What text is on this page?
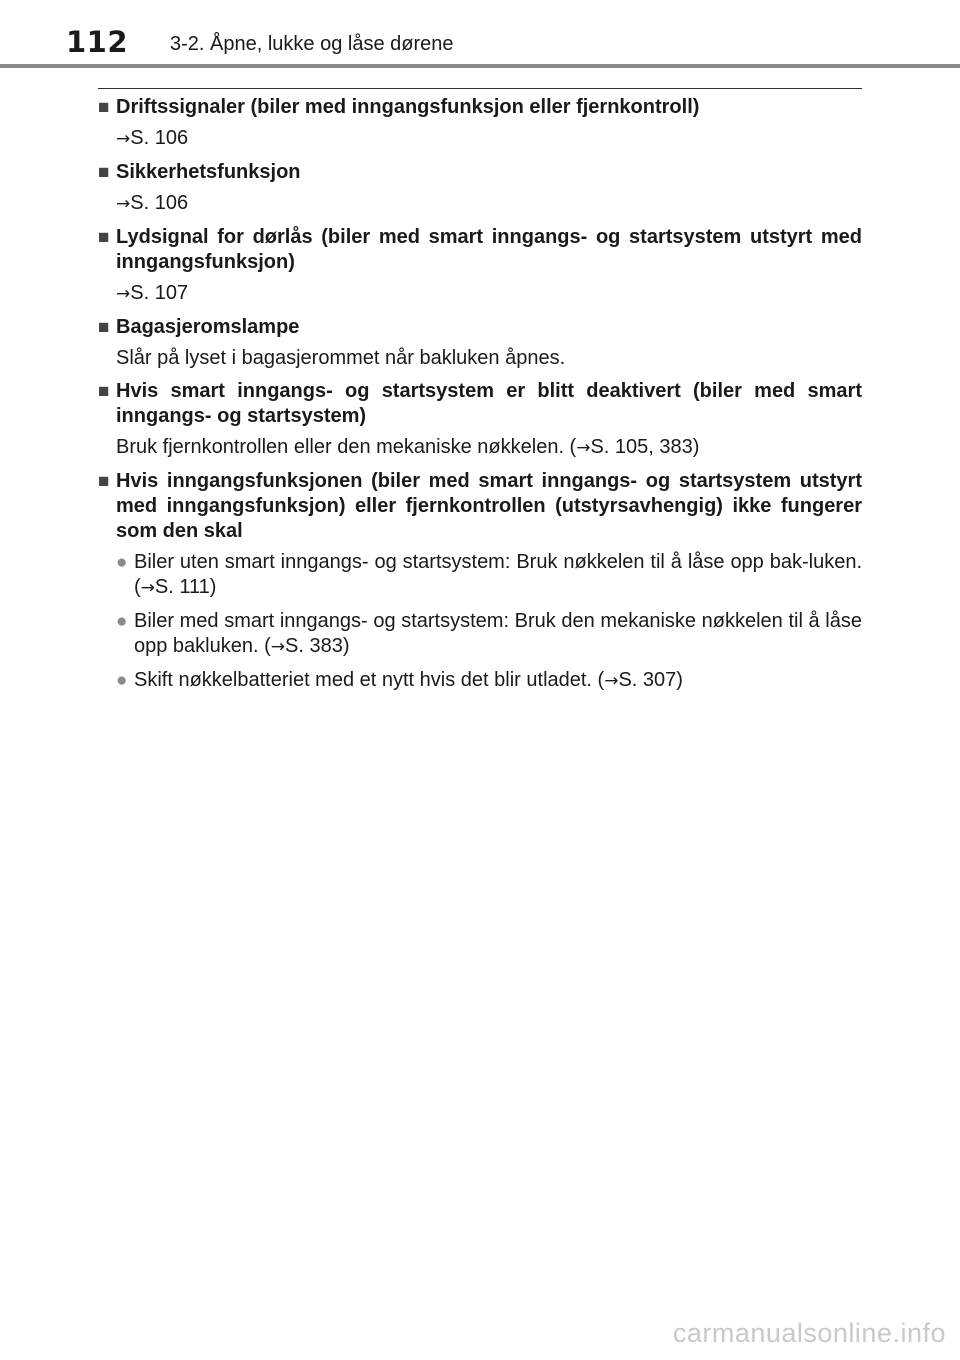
112 3-2. Åpne, lukke og låse dørene
■ Driftssignaler (biler med inngangsfunksjon eller fjernkontroll)
→S. 106
■ Sikkerhetsfunksjon
→S. 106
■ Lydsignal for dørlås (biler med smart inngangs- og startsystem utstyrt med inngangsfunksjon)
→S. 107
■ Bagasjeromslampe
Slår på lyset i bagasjerommet når bakluken åpnes.
■ Hvis smart inngangs- og startsystem er blitt deaktivert (biler med smart inngangs- og startsystem)
Bruk fjernkontrollen eller den mekaniske nøkkelen. (→S. 105, 383)
■ Hvis inngangsfunksjonen (biler med smart inngangs- og startsystem utstyrt med inngangsfunksjon) eller fjernkontrollen (utstyrsavhengig) ikke fungerer som den skal
● Biler uten smart inngangs- og startsystem: Bruk nøkkelen til å låse opp bak-luken. (→S. 111)
● Biler med smart inngangs- og startsystem: Bruk den mekaniske nøkkelen til å låse opp bakluken. (→S. 383)
● Skift nøkkelbatteriet med et nytt hvis det blir utladet. (→S. 307)
carmanualsonline.info
